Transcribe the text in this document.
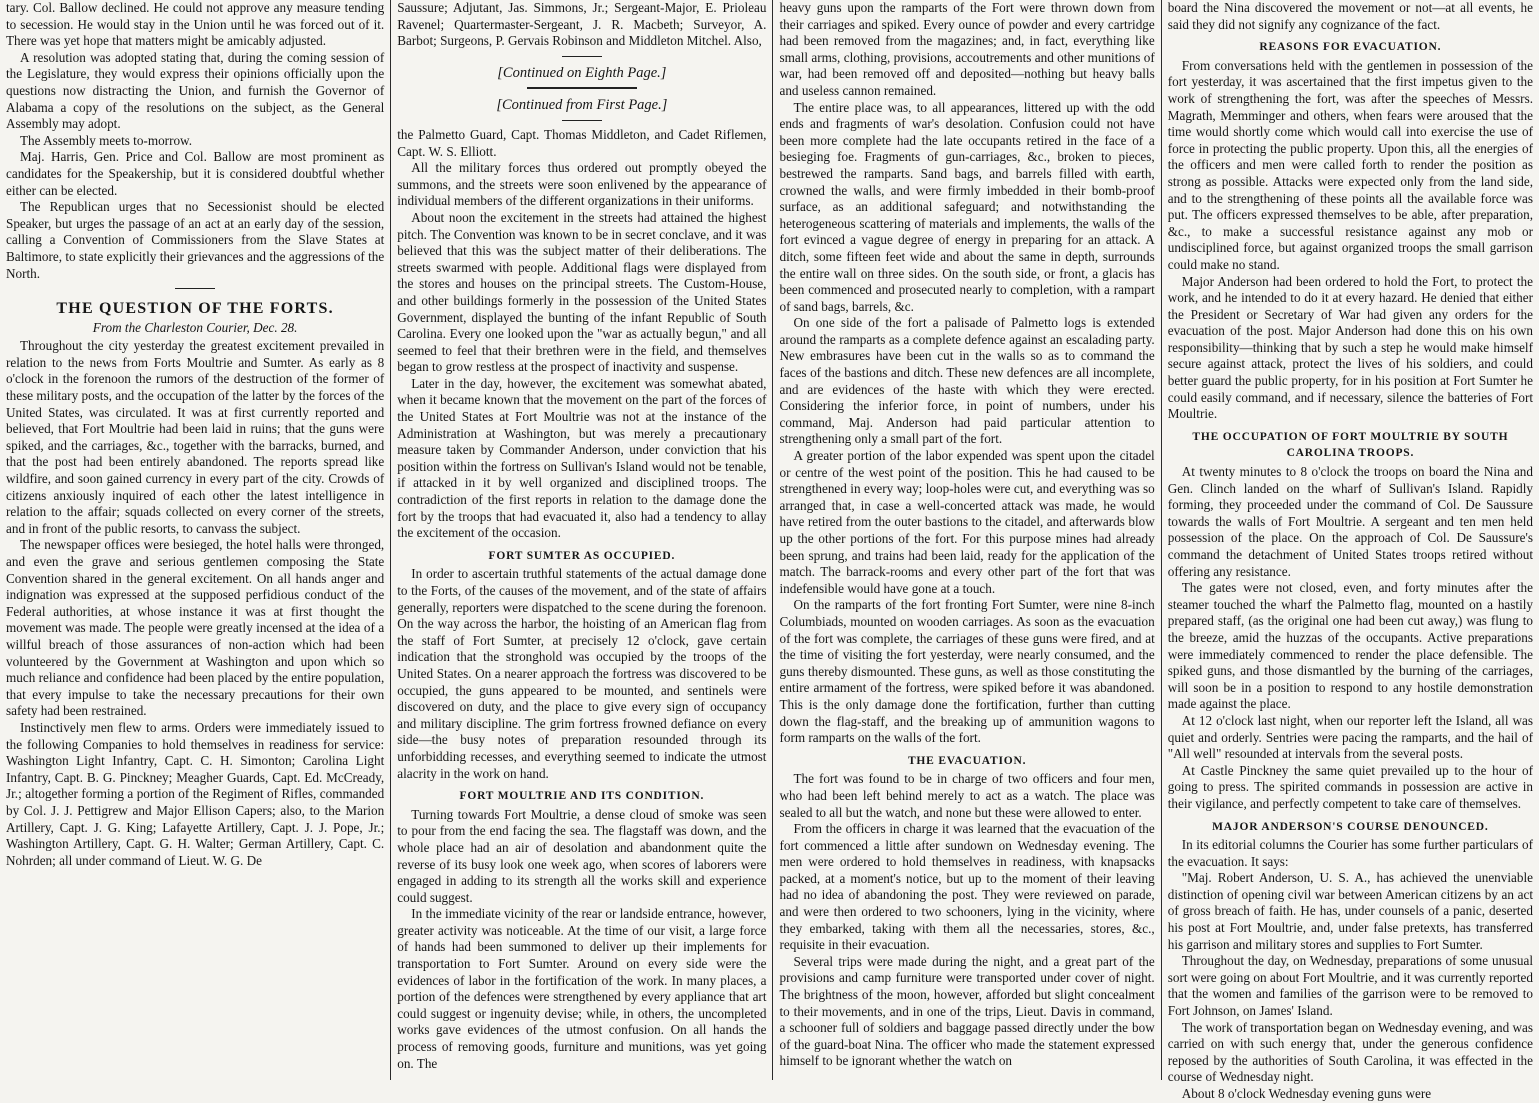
tary. Col. Ballow declined. He could not approve any measure tending to secession. He would stay in the Union until he was forced out of it. There was yet hope that matters might be amicably adjusted.

A resolution was adopted stating that, during the coming session of the Legislature, they would express their opinions officially upon the questions now distracting the Union, and furnish the Governor of Alabama a copy of the resolutions on the subject, as the General Assembly may adopt.

The Assembly meets to-morrow.

Maj. Harris, Gen. Price and Col. Ballow are most prominent as candidates for the Speakership, but it is considered doubtful whether either can be elected.

The Republican urges that no Secessionist should be elected Speaker, but urges the passage of an act at an early day of the session, calling a Convention of Commissioners from the Slave States at Baltimore, to state explicitly their grievances and the aggressions of the North.

THE QUESTION OF THE FORTS.
From the Charleston Courier, Dec. 28.

Throughout the city yesterday the greatest excitement prevailed in relation to the news from Forts Moultrie and Sumter. As early as 8 o'clock in the forenoon the rumors of the destruction of the former of these military posts, and the occupation of the latter by the forces of the United States, was circulated. It was at first currently reported and believed, that Fort Moultrie had been laid in ruins; that the guns were spiked, and the carriages, &c., together with the barracks, burned, and that the post had been entirely abandoned. The reports spread like wildfire, and soon gained currency in every part of the city. Crowds of citizens anxiously inquired of each other the latest intelligence in relation to the affair; squads collected on every corner of the streets, and in front of the public resorts, to canvass the subject.

The newspaper offices were besieged, the hotel halls were thronged, and even the grave and serious gentlemen composing the State Convention shared in the general excitement. On all hands anger and indignation was expressed at the supposed perfidious conduct of the Federal authorities, at whose instance it was at first thought the movement was made. The people were greatly incensed at the idea of a willful breach of those assurances of non-action which had been volunteered by the Government at Washington and upon which so much reliance and confidence had been placed by the entire population, that every impulse to take the necessary precautions for their own safety had been restrained.

Instinctively men flew to arms. Orders were immediately issued to the following Companies to hold themselves in readiness for service: Washington Light Infantry, Capt. C. H. Simonton; Carolina Light Infantry, Capt. B. G. Pinckney; Meagher Guards, Capt. Ed. McCready, Jr.; altogether forming a portion of the Regiment of Rifles, commanded by Col. J. J. Pettigrew and Major Ellison Capers; also, to the Marion Artillery, Capt. J. G. King; Lafayette Artillery, Capt. J. J. Pope, Jr.; Washington Artillery, Capt. G. H. Walter; German Artillery, Capt. C. Nohrden; all under command of Lieut. W. G. De

Saussure; Adjutant, Jas. Simmons, Jr.; Sergeant-Major, E. Prioleau Ravenel; Quartermaster-Sergeant, J. R. Macbeth; Surveyor, A. Barbot; Surgeons, P. Gervais Robinson and Middleton Mitchel. Also,

[Continued on Eighth Page.]
[Continued from First Page.]

the Palmetto Guard, Capt. Thomas Middleton, and Cadet Riflemen, Capt. W. S. Elliott.

All the military forces thus ordered out promptly obeyed the summons, and the streets were soon enlivened by the appearance of individual members of the different organizations in their uniforms.

About noon the excitement in the streets had attained the highest pitch. The Convention was known to be in secret conclave, and it was believed that this was the subject matter of their deliberations. The streets swarmed with people. Additional flags were displayed from the stores and houses on the principal streets. The Custom-House, and other buildings formerly in the possession of the United States Government, displayed the bunting of the infant Republic of South Carolina. Every one looked upon the "war as actually begun," and all seemed to feel that their brethren were in the field, and themselves began to grow restless at the prospect of inactivity and suspense.

Later in the day, however, the excitement was somewhat abated, when it became known that the movement on the part of the forces of the United States at Fort Moultrie was not at the instance of the Administration at Washington, but was merely a precautionary measure taken by Commander Anderson, under conviction that his position within the fortress on Sullivan's Island would not be tenable, if attacked in it by well organized and disciplined troops. The contradiction of the first reports in relation to the damage done the fort by the troops that had evacuated it, also had a tendency to allay the excitement of the occasion.

FORT SUMTER AS OCCUPIED.

In order to ascertain truthful statements of the actual damage done to the Forts, of the causes of the movement, and of the state of affairs generally, reporters were dispatched to the scene during the forenoon. On the way across the harbor, the hoisting of an American flag from the staff of Fort Sumter, at precisely 12 o'clock, gave certain indication that the stronghold was occupied by the troops of the United States. On a nearer approach the fortress was discovered to be occupied, the guns appeared to be mounted, and sentinels were discovered on duty, and the place to give every sign of occupancy and military discipline. The grim fortress frowned defiance on every side—the busy notes of preparation resounded through its unforbidding recesses, and everything seemed to indicate the utmost alacrity in the work on hand.

FORT MOULTRIE AND ITS CONDITION.

Turning towards Fort Moultrie, a dense cloud of smoke was seen to pour from the end facing the sea. The flagstaff was down, and the whole place had an air of desolation and abandonment quite the reverse of its busy look one week ago, when scores of laborers were engaged in adding to its strength all the works skill and experience could suggest.

In the immediate vicinity of the rear or landside entrance, however, greater activity was noticeable. At the time of our visit, a large force of hands had been summoned to deliver up their implements for transportation to Fort Sumter. Around on every side were the evidences of labor in the fortification of the work. In many places, a portion of the defences were strengthened by every appliance that art could suggest or ingenuity devise; while, in others, the uncompleted works gave evidences of the utmost confusion. On all hands the process of removing goods, furniture and munitions, was yet going on. The

heavy guns upon the ramparts of the Fort were thrown down from their carriages and spiked. Every ounce of powder and every cartridge had been removed from the magazines; and, in fact, everything like small arms, clothing, provisions, accoutrements and other munitions of war, had been removed off and deposited—nothing but heavy balls and useless cannon remained.

The entire place was, to all appearances, littered up with the odd ends and fragments of war's desolation. Confusion could not have been more complete had the late occupants retired in the face of a besieging foe. Fragments of gun-carriages, &c., broken to pieces, bestrewed the ramparts. Sand bags, and barrels filled with earth, crowned the walls, and were firmly imbedded in their bomb-proof surface, as an additional safeguard; and notwithstanding the heterogeneous scattering of materials and implements, the walls of the fort evinced a vague degree of energy in preparing for an attack. A ditch, some fifteen feet wide and about the same in depth, surrounds the entire wall on three sides. On the south side, or front, a glacis has been commenced and prosecuted nearly to completion, with a rampart of sand bags, barrels, &c.

On one side of the fort a palisade of Palmetto logs is extended around the ramparts as a complete defence against an escalading party. New embrasures have been cut in the walls so as to command the faces of the bastions and ditch. These new defences are all incomplete, and are evidences of the haste with which they were erected. Considering the inferior force, in point of numbers, under his command, Maj. Anderson had paid particular attention to strengthening only a small part of the fort.

A greater portion of the labor expended was spent upon the citadel or centre of the west point of the position. This he had caused to be strengthened in every way; loop-holes were cut, and everything was so arranged that, in case a well-concerted attack was made, he would have retired from the outer bastions to the citadel, and afterwards blow up the other portions of the fort. For this purpose mines had already been sprung, and trains had been laid, ready for the application of the match. The barrack-rooms and every other part of the fort that was indefensible would have gone at a touch.

On the ramparts of the fort fronting Fort Sumter, were nine 8-inch Columbiads, mounted on wooden carriages. As soon as the evacuation of the fort was complete, the carriages of these guns were fired, and at the time of visiting the fort yesterday, were nearly consumed, and the guns thereby dismounted. These guns, as well as those constituting the entire armament of the fortress, were spiked before it was abandoned. This is the only damage done the fortification, further than cutting down the flag-staff, and the breaking up of ammunition wagons to form ramparts on the walls of the fort.

THE EVACUATION.

The fort was found to be in charge of two officers and four men, who had been left behind merely to act as a watch. The place was sealed to all but the watch, and none but these were allowed to enter.

From the officers in charge it was learned that the evacuation of the fort commenced a little after sundown on Wednesday evening. The men were ordered to hold themselves in readiness, with knapsacks packed, at a moment's notice, but up to the moment of their leaving had no idea of abandoning the post. They were reviewed on parade, and were then ordered to two schooners, lying in the vicinity, where they embarked, taking with them all the necessaries, stores, &c., requisite in their evacuation.

Several trips were made during the night, and a great part of the provisions and camp furniture were transported under cover of night. The brightness of the moon, however, afforded but slight concealment to their movements, and in one of the trips, Lieut. Davis in command, a schooner full of soldiers and baggage passed directly under the bow of the guard-boat Nina. The officer who made the statement expressed himself to be ignorant whether the watch on

board the Nina discovered the movement or not—at all events, he said they did not signify any cognizance of the fact.

REASONS FOR EVACUATION.

From conversations held with the gentlemen in possession of the fort yesterday, it was ascertained that the first impetus given to the work of strengthening the fort, was after the speeches of Messrs. Magrath, Memminger and others, when fears were aroused that the time would shortly come which would call into exercise the use of force in protecting the public property. Upon this, all the energies of the officers and men were called forth to render the position as strong as possible. Attacks were expected only from the land side, and to the strengthening of these points all the available force was put. The officers expressed themselves to be able, after preparation, &c., to make a successful resistance against any mob or undisciplined force, but against organized troops the small garrison could make no stand.

Major Anderson had been ordered to hold the Fort, to protect the work, and he intended to do it at every hazard. He denied that either the President or Secretary of War had given any orders for the evacuation of the post. Major Anderson had done this on his own responsibility—thinking that by such a step he would make himself secure against attack, protect the lives of his soldiers, and could better guard the public property, for in his position at Fort Sumter he could easily command, and if necessary, silence the batteries of Fort Moultrie.

THE OCCUPATION OF FORT MOULTRIE BY SOUTH CAROLINA TROOPS.

At twenty minutes to 8 o'clock the troops on board the Nina and Gen. Clinch landed on the wharf of Sullivan's Island. Rapidly forming, they proceeded under the command of Col. De Saussure towards the walls of Fort Moultrie. A sergeant and ten men held possession of the place. On the approach of Col. De Saussure's command the detachment of United States troops retired without offering any resistance.

The gates were not closed, even, and forty minutes after the steamer touched the wharf the Palmetto flag, mounted on a hastily prepared staff, (as the original one had been cut away,) was flung to the breeze, amid the huzzas of the occupants. Active preparations were immediately commenced to render the place defensible. The spiked guns, and those dismantled by the burning of the carriages, will soon be in a position to respond to any hostile demonstration made against the place.

At 12 o'clock last night, when our reporter left the Island, all was quiet and orderly. Sentries were pacing the ramparts, and the hail of "All well" resounded at intervals from the several posts.

At Castle Pinckney the same quiet prevailed up to the hour of going to press. The spirited commands in possession are active in their vigilance, and perfectly competent to take care of themselves.

MAJOR ANDERSON'S COURSE DENOUNCED.

In its editorial columns the Courier has some further particulars of the evacuation. It says:

"Maj. Robert Anderson, U. S. A., has achieved the unenviable distinction of opening civil war between American citizens by an act of gross breach of faith. He has, under counsels of a panic, deserted his post at Fort Moultrie, and, under false pretexts, has transferred his garrison and military stores and supplies to Fort Sumter.

Throughout the day, on Wednesday, preparations of some unusual sort were going on about Fort Moultrie, and it was currently reported that the women and families of the garrison were to be removed to Fort Johnson, on James' Island.

The work of transportation began on Wednesday evening, and was carried on with such energy that, under the generous confidence reposed by the authorities of South Carolina, it was effected in the course of Wednesday night.

About 8 o'clock Wednesday evening guns were
